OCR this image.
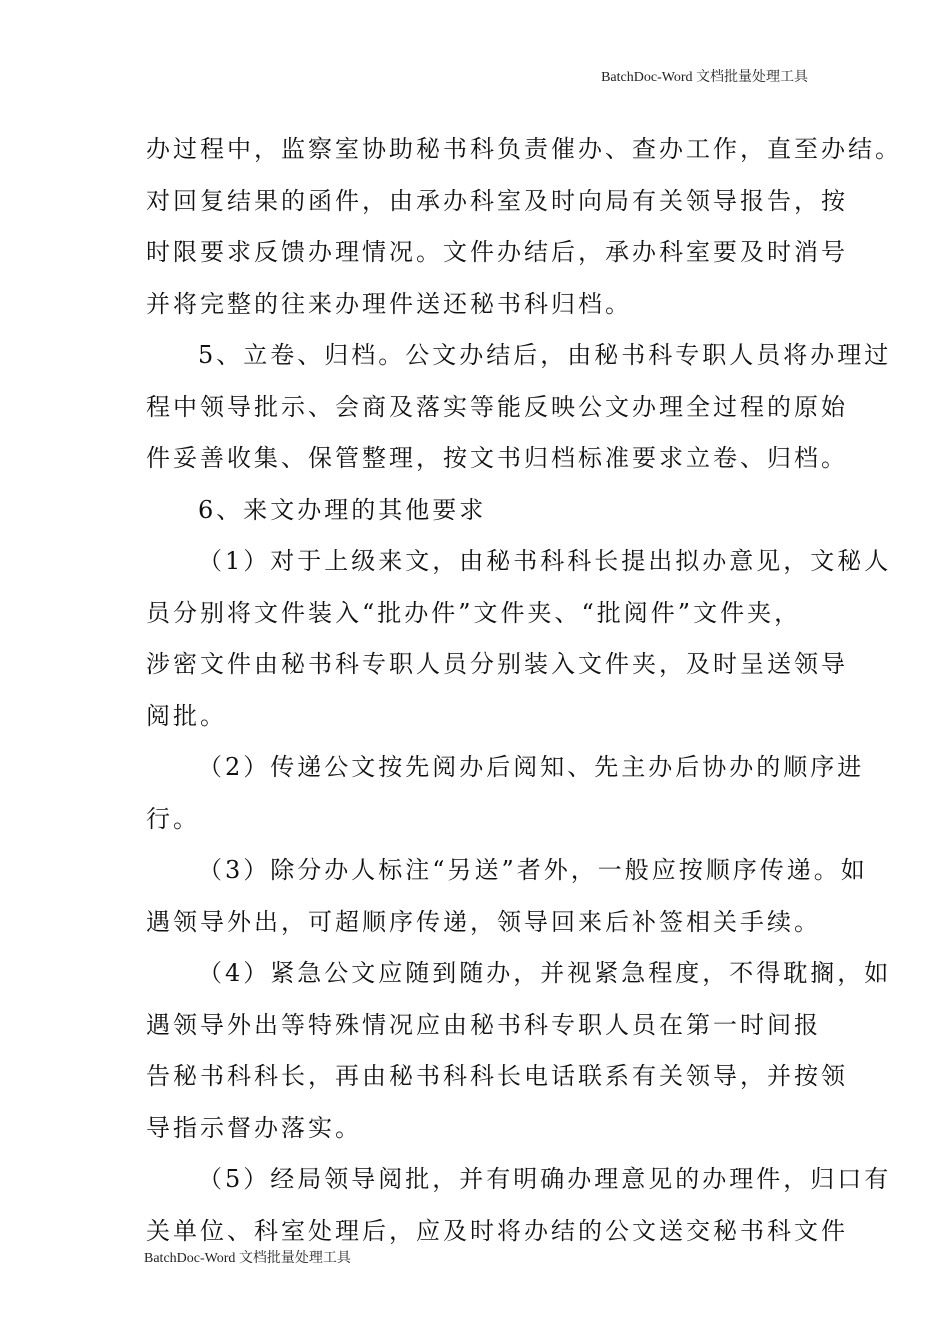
BatchDoc-Word 文档批量处理工具
办过程中，监察室协助秘书科负责催办、查办工作，直至办结。
对回复结果的函件，由承办科室及时向局有关领导报告，按
时限要求反馈办理情况。文件办结后，承办科室要及时消号
并将完整的往来办理件送还秘书科归档。
5、立卷、归档。公文办结后，由秘书科专职人员将办理过
程中领导批示、会商及落实等能反映公文办理全过程的原始
件妥善收集、保管整理，按文书归档标准要求立卷、归档。
6、来文办理的其他要求
（1）对于上级来文，由秘书科科长提出拟办意见，文秘人
员分别将文件装入“批办件”文件夹、“批阅件”文件夹，
涉密文件由秘书科专职人员分别装入文件夹，及时呈送领导
阅批。
（2）传递公文按先阅办后阅知、先主办后协办的顺序进
行。
（3）除分办人标注“另送”者外，一般应按顺序传递。如
遇领导外出，可超顺序传递，领导回来后补签相关手续。
（4）紧急公文应随到随办，并视紧急程度，不得耽搁，如
遇领导外出等特殊情况应由秘书科专职人员在第一时间报
告秘书科科长，再由秘书科科长电话联系有关领导，并按领
导指示督办落实。
（5）经局领导阅批，并有明确办理意见的办理件，归口有
关单位、科室处理后，应及时将办结的公文送交秘书科文件
BatchDoc-Word 文档批量处理工具
